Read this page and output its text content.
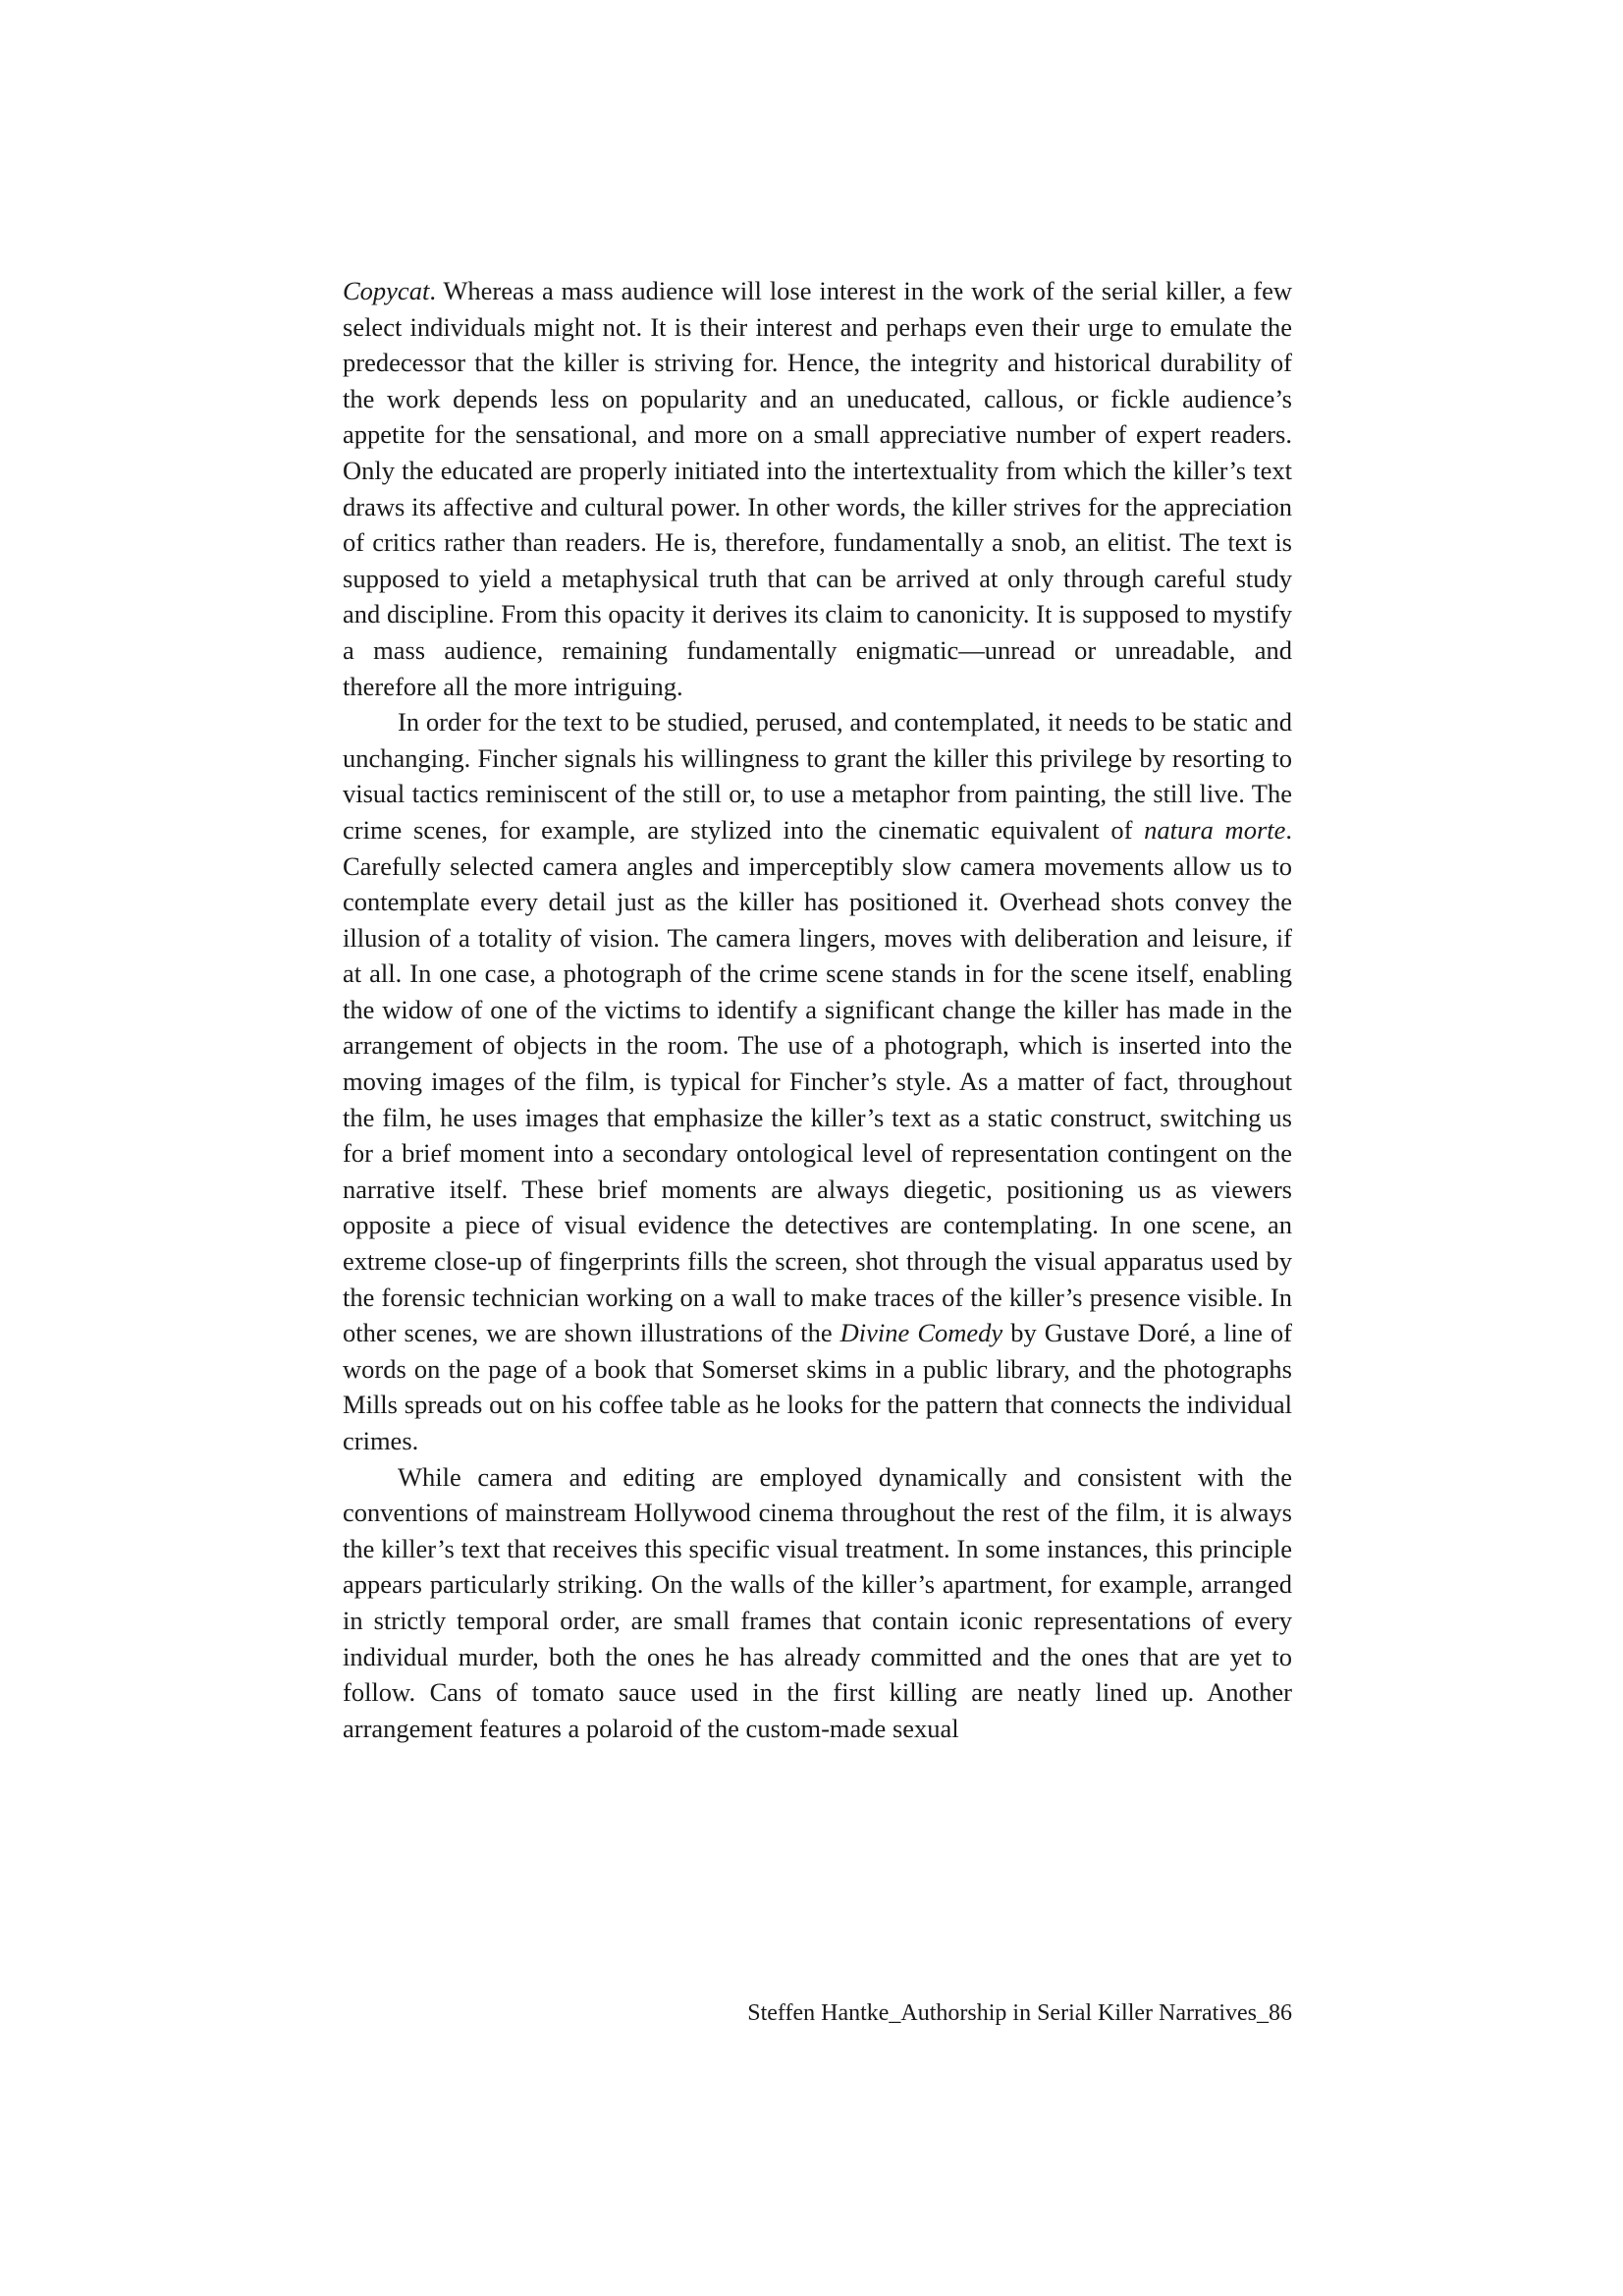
Copycat. Whereas a mass audience will lose interest in the work of the serial killer, a few select individuals might not. It is their interest and perhaps even their urge to emulate the predecessor that the killer is striving for. Hence, the integrity and historical durability of the work depends less on popularity and an uneducated, callous, or fickle audience’s appetite for the sensational, and more on a small appreciative number of expert readers. Only the educated are properly initiated into the intertextuality from which the killer’s text draws its affective and cultural power. In other words, the killer strives for the appreciation of critics rather than readers. He is, therefore, fundamentally a snob, an elitist. The text is supposed to yield a metaphysical truth that can be arrived at only through careful study and discipline. From this opacity it derives its claim to canonicity. It is supposed to mystify a mass audience, remaining fundamentally enigmatic—unread or unreadable, and therefore all the more intriguing.

In order for the text to be studied, perused, and contemplated, it needs to be static and unchanging. Fincher signals his willingness to grant the killer this privilege by resorting to visual tactics reminiscent of the still or, to use a metaphor from painting, the still live. The crime scenes, for example, are stylized into the cinematic equivalent of natura morte. Carefully selected camera angles and imperceptibly slow camera movements allow us to contemplate every detail just as the killer has positioned it. Overhead shots convey the illusion of a totality of vision. The camera lingers, moves with deliberation and leisure, if at all. In one case, a photograph of the crime scene stands in for the scene itself, enabling the widow of one of the victims to identify a significant change the killer has made in the arrangement of objects in the room. The use of a photograph, which is inserted into the moving images of the film, is typical for Fincher’s style. As a matter of fact, throughout the film, he uses images that emphasize the killer’s text as a static construct, switching us for a brief moment into a secondary ontological level of representation contingent on the narrative itself. These brief moments are always diegetic, positioning us as viewers opposite a piece of visual evidence the detectives are contemplating. In one scene, an extreme close-up of fingerprints fills the screen, shot through the visual apparatus used by the forensic technician working on a wall to make traces of the killer’s presence visible. In other scenes, we are shown illustrations of the Divine Comedy by Gustave Doré, a line of words on the page of a book that Somerset skims in a public library, and the photographs Mills spreads out on his coffee table as he looks for the pattern that connects the individual crimes.

While camera and editing are employed dynamically and consistent with the conventions of mainstream Hollywood cinema throughout the rest of the film, it is always the killer’s text that receives this specific visual treatment. In some instances, this principle appears particularly striking. On the walls of the killer’s apartment, for example, arranged in strictly temporal order, are small frames that contain iconic representations of every individual murder, both the ones he has already committed and the ones that are yet to follow. Cans of tomato sauce used in the first killing are neatly lined up. Another arrangement features a polaroid of the custom-made sexual

Steffen Hantke_Authorship in Serial Killer Narratives_86
